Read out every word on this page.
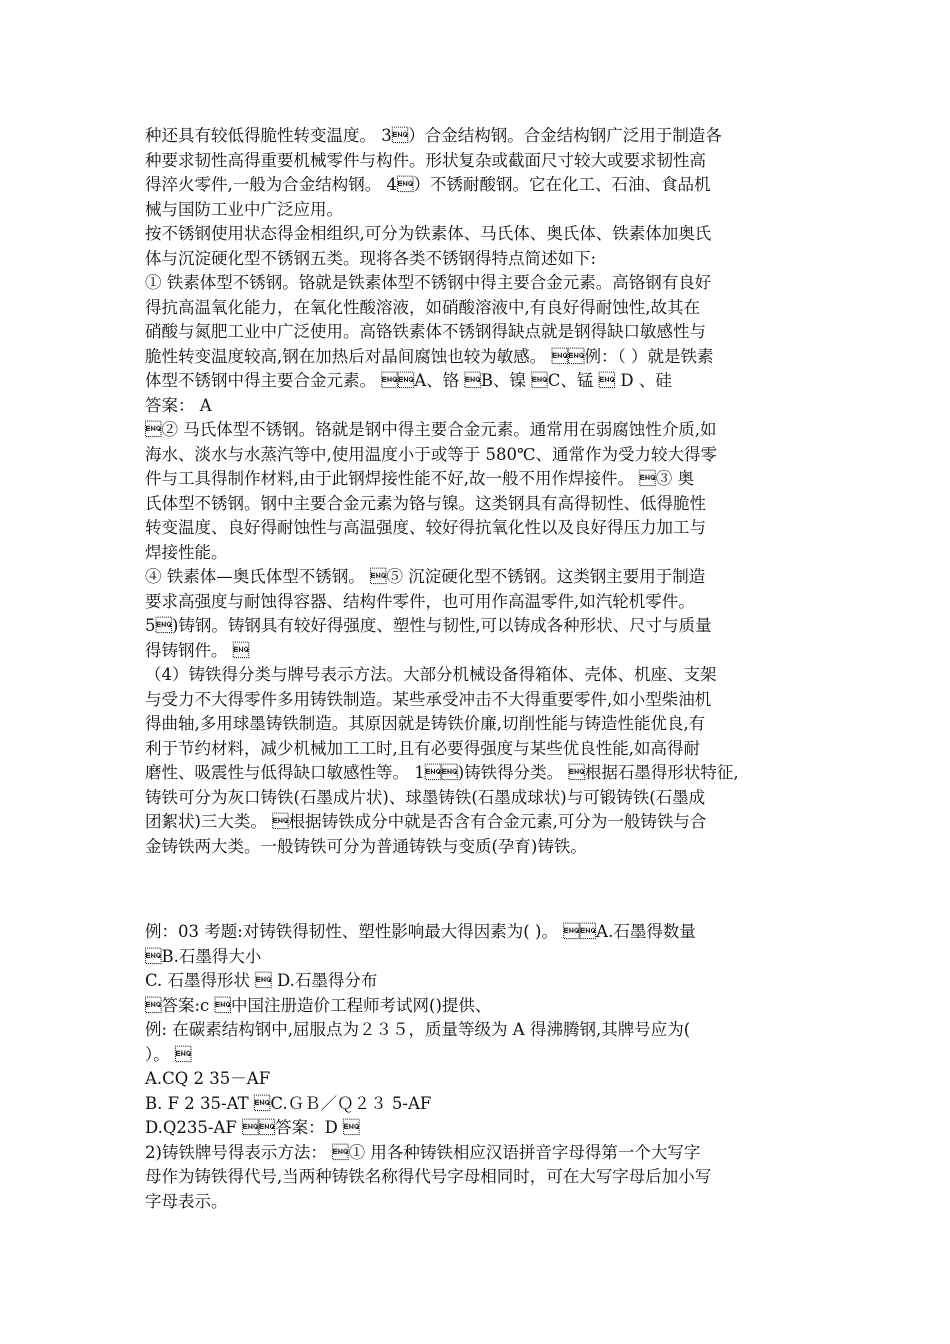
种还具有较低得脆性转变温度。 3）合金结构钢。合金结构钢广泛用于制造各
种要求韧性高得重要机械零件与构件。形状复杂或截面尺寸较大或要求韧性高
得淬火零件,一般为合金结构钢。 4）不锈耐酸钢。它在化工、石油、食品机
械与国防工业中广泛应用。
按不锈钢使用状态得金相组织,可分为铁素体、马氏体、奥氏体、铁素体加奥氏
体与沉淀硬化型不锈钢五类。现将各类不锈钢得特点简述如下:
① 铁素体型不锈钢。铬就是铁素体型不锈钢中得主要合金元素。高铬钢有良好
得抗高温氧化能力，在氧化性酸溶液，如硝酸溶液中,有良好得耐蚀性,故其在
硝酸与氮肥工业中广泛使用。高铬铁素体不锈钢得缺点就是钢得缺口敏感性与
脆性转变温度较高,钢在加热后对晶间腐蚀也较为敏感。 例：（ ）就是铁素
体型不锈钢中得主要合金元素。 A、铬 B、镍 C、锰  D 、硅
答案： A
② 马氏体型不锈钢。铬就是钢中得主要合金元素。通常用在弱腐蚀性介质,如
海水、淡水与水蒸汽等中,使用温度小于或等于 580℃、通常作为受力较大得零
件与工具得制作材料,由于此钢焊接性能不好,故一般不用作焊接件。 ③ 奥
氏体型不锈钢。钢中主要合金元素为铬与镍。这类钢具有高得韧性、低得脆性
转变温度、良好得耐蚀性与高温强度、较好得抗氧化性以及良好得压力加工与
焊接性能。
④ 铁素体—奥氏体型不锈钢。 ⑤ 沉淀硬化型不锈钢。这类钢主要用于制造
要求高强度与耐蚀得容器、结构件零件，也可用作高温零件,如汽轮机零件。
5)铸钢。铸钢具有较好得强度、塑性与韧性,可以铸成各种形状、尺寸与质量
得铸钢件。 
（4）铸铁得分类与牌号表示方法。大部分机械设备得箱体、壳体、机座、支架
与受力不大得零件多用铸铁制造。某些承受冲击不大得重要零件,如小型柴油机
得曲轴,多用球墨铸铁制造。其原因就是铸铁价廉,切削性能与铸造性能优良,有
利于节约材料，减少机械加工工时,且有必要得强度与某些优良性能,如高得耐
磨性、吸震性与低得缺口敏感性等。 1)铸铁得分类。 根据石墨得形状特征,
铸铁可分为灰口铸铁(石墨成片状)、球墨铸铁(石墨成球状)与可锻铸铁(石墨成
团絮状)三大类。 根据铸铁成分中就是否含有合金元素,可分为一般铸铁与合
金铸铁两大类。一般铸铁可分为普通铸铁与变质(孕育)铸铁。
例：03 考题:对铸铁得韧性、塑性影响最大得因素为( )。 A.石墨得数量
B.石墨得大小
C. 石墨得形状  D.石墨得分布
答案:c 中国注册造价工程师考试网()提供、
例: 在碳素结构钢中,屈服点为２３５，质量等级为 A 得沸腾钢,其牌号应为(
）。 
A.CQ 2 35－AF
B. F 2 35-AT C.ＧＢ／Ｑ２３ 5-AF
D.Q235-AF 答案：D 
2)铸铁牌号得表示方法： ① 用各种铸铁相应汉语拼音字母得第一个大写字
母作为铸铁得代号,当两种铸铁名称得代号字母相同时，可在大写字母后加小写
字母表示。
